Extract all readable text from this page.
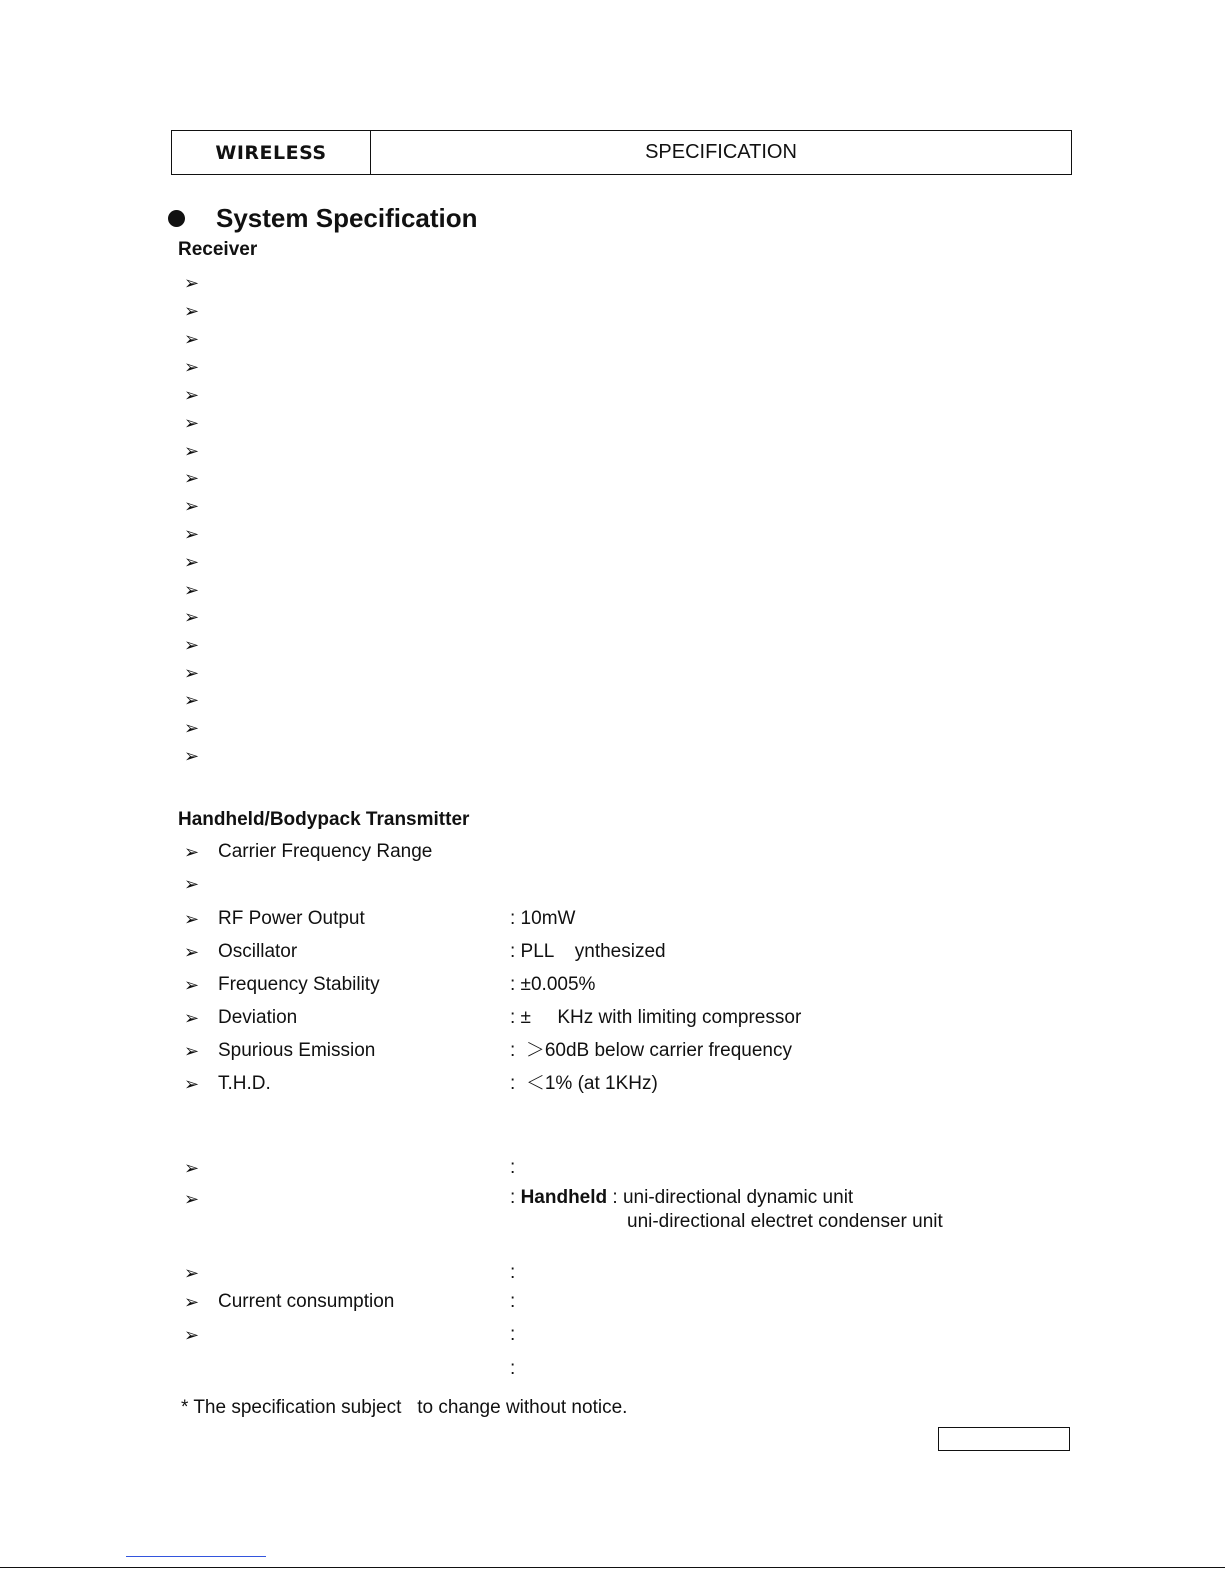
WIRELESS	SPECIFICATION
System Specification
Receiver
➢
➢
➢
➢
➢
➢
➢
➢
➢
➢
➢
➢
➢
➢
➢
➢
➢
➢
Handheld/Bodypack Transmitter
➢ Carrier Frequency Range
➢
➢ RF Power Output	: 10mW
➢ Oscillator	: PLL    ynthesized
➢ Frequency Stability	: ±0.005%
➢ Deviation	: ±     KHz with limiting compressor
➢ Spurious Emission	:  ＞60dB below carrier frequency
➢ T.H.D.	:  ＜1% (at 1KHz)
➢	:
➢	: Handheld : uni-directional dynamic unit
uni-directional electret condenser unit
➢	:
➢ Current consumption	:
➢	:
:
* The specification subject   to change without notice.
